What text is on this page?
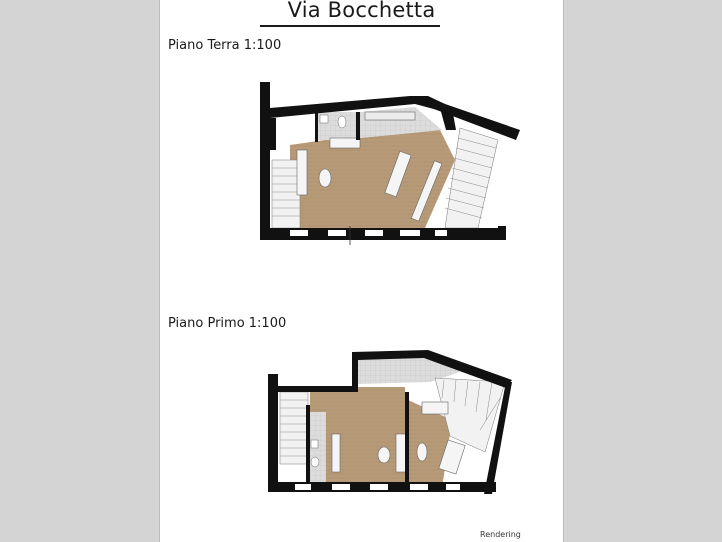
Via Bocchetta
Piano Terra 1:100
Piano Primo 1:100
Rendering
